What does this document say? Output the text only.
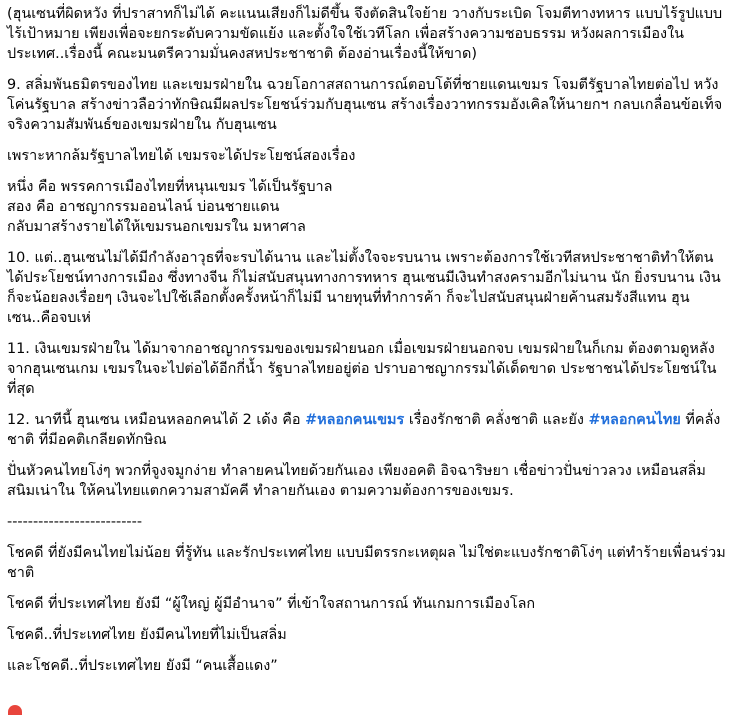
(ฮุนเซนที่ผิดหวัง ที่ปราสาทก็ไม่ได้ คะแนนเสียงก็ไม่ดีขึ้น จึงตัดสินใจย้าย วางกับระเบิด โจมตีทางทหาร แบบไร้รูปแบบ ไร้เป้าหมาย เพียงเพื่อจะยกระดับความขัดแย้ง และตั้งใจใช้เวทีโลก เพื่อสร้างความชอบธรรม หวังผลการเมืองในประเทศ..เรื่องนี้ คณะมนตรีความมั่นคงสหประชาชาติ ต้องอ่านเรื่องนี้ให้ขาด)

9. สลิ่มพันธมิตรของไทย และเขมรฝ่ายใน ฉวยโอกาสสถานการณ์ตอบโต้ที่ชายแดนเขมร โจมตีรัฐบาลไทยต่อไป หวังโค่นรัฐบาล สร้างข่าวลือว่าทักษิณมีผลประโยชน์ร่วมกับฮุนเซน สร้างเรื่องวาทกรรมอังเคิลให้นายกฯ กลบเกลื่อนข้อเท็จจริงความสัมพันธ์ของเขมรฝ่ายใน กับฮุนเซน

เพราะหากล้มรัฐบาลไทยได้ เขมรจะได้ประโยชน์สองเรื่อง

หนึ่ง คือ พรรคการเมืองไทยที่หนุนเขมร ได้เป็นรัฐบาล
สอง คือ อาชญากรรมออนไลน์ บ่อนชายแดน
กลับมาสร้างรายได้ให้เขมรนอกเขมรใน มหาศาล

10. แต่..ฮุนเซนไม่ได้มีกำลังอาวุธที่จะรบได้นาน และไม่ตั้งใจจะรบนาน เพราะต้องการใช้เวทีสหประชาชาติทำให้ตนได้ประโยชน์ทางการเมือง ซึ่งทางจีน ก็ไม่สนับสนุนทางการทหาร ฮุนเซนมีเงินทำสงครามอีกไม่นาน นัก ยิ่งรบนาน เงินก็จะน้อยลงเรื่อยๆ เงินจะไปใช้เลือกตั้งครั้งหน้าก็ไม่มี นายทุนที่ทำการค้า ก็จะไปสนับสนุนฝ่ายค้านสมรังสีแทน ฮุนเซน..คือจบเห่

11. เงินเขมรฝ่ายใน ได้มาจากอาชญากรรมของเขมรฝ่ายนอก เมื่อเขมรฝ่ายนอกจบ เขมรฝ่ายในก็เกม ต้องตามดูหลังจากฮุนเซนเกม เขมรในจะไปต่อได้อีกกี่น้ำ รัฐบาลไทยอยู่ต่อ ปราบอาชญากรรมได้เด็ดขาด ประชาชนได้ประโยชน์ในที่สุด

12. นาทีนี้ ฮุนเซน เหมือนหลอกคนได้ 2 เด้ง คือ #หลอกคนเขมร เรื่องรักชาติ คลั่งชาติ และยัง #หลอกคนไทย ที่คลั่งชาติ ที่มีอคติเกลียดทักษิณ

ปั่นหัวคนไทยโง่ๆ พวกที่จูงจมูกง่าย ทำลายคนไทยด้วยกันเอง เพียงอคติ อิจฉาริษยา เชื่อข่าวปั่นข่าวลวง เหมือนสลิ่มสนิมเน่าใน ให้คนไทยแตกความสามัคคี ทำลายกันเอง ตามความต้องการของเขมร.

--------------------------

โชคดี ที่ยังมีคนไทยไม่น้อย ที่รู้ทัน และรักประเทศไทย แบบมีตรรกะเหตุผล ไม่ใช่ตะแบงรักชาติโง่ๆ แต่ทำร้ายเพื่อนร่วมชาติ

โชคดี ที่ประเทศไทย ยังมี “ผู้ใหญ่ ผู้มีอำนาจ” ที่เข้าใจสถานการณ์ ทันเกมการเมืองโลก

โชคดี..ที่ประเทศไทย ยังมีคนไทยที่ไม่เป็นสลิ่ม

และโชคดี..ที่ประเทศไทย ยังมี “คนเสื้อแดง”
